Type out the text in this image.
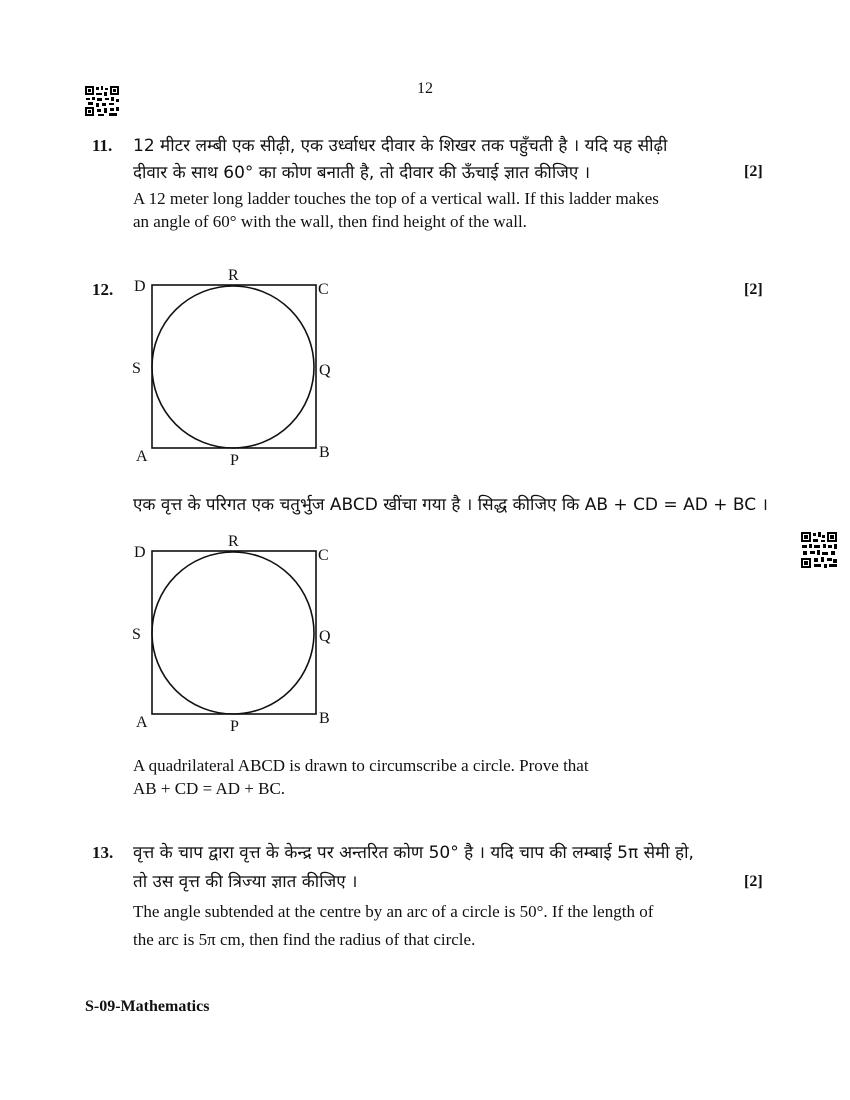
12
11. 12 मीटर लम्बी एक सीढ़ी, एक उर्ध्वाधर दीवार के शिखर तक पहुँचती है । यदि यह सीढ़ी
दीवार के साथ 60° का कोण बनाती है, तो दीवार की ऊँचाई ज्ञात कीजिए ।	[2]
A 12 meter long ladder touches the top of a vertical wall. If this ladder makes
an angle of 60° with the wall, then find height of the wall.
12.	[2]
D	C
R
S	Q
A	B
P
एक वृत्त के परिगत एक चतुर्भुज ABCD खींचा गया है । सिद्ध कीजिए कि AB + CD = AD + BC ।
D	C
R
S	Q
A	B
P
A quadrilateral ABCD is drawn to circumscribe a circle. Prove that
AB + CD = AD + BC.
13. वृत्त के चाप द्वारा वृत्त के केन्द्र पर अन्तरित कोण 50° है । यदि चाप की लम्बाई 5π सेमी हो,
तो उस वृत्त की त्रिज्या ज्ञात कीजिए ।	[2]
The angle subtended at the centre by an arc of a circle is 50°. If the length of
the arc is 5π cm, then find the radius of that circle.
S-09-Mathematics
